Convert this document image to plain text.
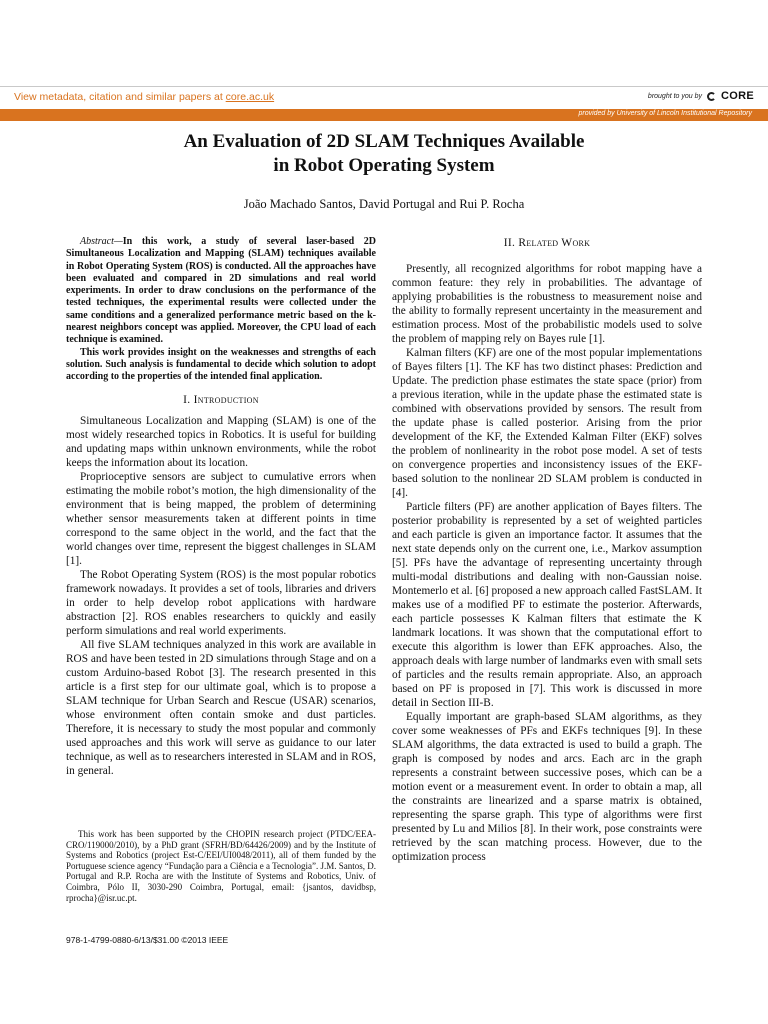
View metadata, citation and similar papers at core.ac.uk	brought to you by CORE
provided by University of Lincoln Institutional Repository
An Evaluation of 2D SLAM Techniques Available
in Robot Operating System
João Machado Santos, David Portugal and Rui P. Rocha

Abstract—In this work, a study of several laser-based 2D Simultaneous Localization and Mapping (SLAM) techniques available in Robot Operating System (ROS) is conducted. All the approaches have been evaluated and compared in 2D simulations and real world experiments. In order to draw conclusions on the performance of the tested techniques, the experimental results were collected under the same conditions and a generalized performance metric based on the k-nearest neighbors concept was applied. Moreover, the CPU load of each technique is examined.

This work provides insight on the weaknesses and strengths of each solution. Such analysis is fundamental to decide which solution to adopt according to the properties of the intended final application.

I. Introduction

Simultaneous Localization and Mapping (SLAM) is one of the most widely researched topics in Robotics. It is useful for building and updating maps within unknown environments, while the robot keeps the information about its location.

Proprioceptive sensors are subject to cumulative errors when estimating the mobile robot’s motion, the high dimensionality of the environment that is being mapped, the problem of determining whether sensor measurements taken at different points in time correspond to the same object in the world, and the fact that the world changes over time, represent the biggest challenges in SLAM [1].

The Robot Operating System (ROS) is the most popular robotics framework nowadays. It provides a set of tools, libraries and drivers in order to help develop robot applications with hardware abstraction [2]. ROS enables researchers to quickly and easily perform simulations and real world experiments.

All five SLAM techniques analyzed in this work are available in ROS and have been tested in 2D simulations through Stage and on a custom Arduino-based Robot [3]. The research presented in this article is a first step for our ultimate goal, which is to propose a SLAM technique for Urban Search and Rescue (USAR) scenarios, whose environment often contain smoke and dust particles. Therefore, it is necessary to study the most popular and commonly used approaches and this work will serve as guidance to our later technique, as well as to researchers interested in SLAM and in ROS, in general.

This work has been supported by the CHOPIN research project (PTDC/EEA-CRO/119000/2010), by a PhD grant (SFRH/BD/64426/2009) and by the Institute of Systems and Robotics (project Est-C/EEI/UI0048/2011), all of them funded by the Portuguese science agency “Fundação para a Ciência e a Tecnologia”. J.M. Santos, D. Portugal and R.P. Rocha are with the Institute of Systems and Robotics, Univ. of Coimbra, Pólo II, 3030-290 Coimbra, Portugal, email: {jsantos, davidbsp, rprocha}@isr.uc.pt.

978-1-4799-0880-6/13/$31.00 ©2013 IEEE
II. Related Work

Presently, all recognized algorithms for robot mapping have a common feature: they rely in probabilities. The advantage of applying probabilities is the robustness to measurement noise and the ability to formally represent uncertainty in the measurement and estimation process. Most of the probabilistic models used to solve the problem of mapping rely on Bayes rule [1].

Kalman filters (KF) are one of the most popular implementations of Bayes filters [1]. The KF has two distinct phases: Prediction and Update. The prediction phase estimates the state space (prior) from a previous iteration, while in the update phase the estimated state is combined with observations provided by sensors. The result from the update phase is called posterior. Arising from the prior development of the KF, the Extended Kalman Filter (EKF) solves the problem of nonlinearity in the robot pose model. A set of tests on convergence properties and inconsistency issues of the EKF-based solution to the nonlinear 2D SLAM problem is conducted in [4].

Particle filters (PF) are another application of Bayes filters. The posterior probability is represented by a set of weighted particles and each particle is given an importance factor. It assumes that the next state depends only on the current one, i.e., Markov assumption [5]. PFs have the advantage of representing uncertainty through multi-modal distributions and dealing with non-Gaussian noise. Montemerlo et al. [6] proposed a new approach called FastSLAM. It makes use of a modified PF to estimate the posterior. Afterwards, each particle possesses K Kalman filters that estimate the K landmark locations. It was shown that the computational effort to execute this algorithm is lower than EFK approaches. Also, the approach deals with large number of landmarks even with small sets of particles and the results remain appropriate. Also, an approach based on PF is proposed in [7]. This work is discussed in more detail in Section III-B.

Equally important are graph-based SLAM algorithms, as they cover some weaknesses of PFs and EKFs techniques [9]. In these SLAM algorithms, the data extracted is used to build a graph. The graph is composed by nodes and arcs. Each arc in the graph represents a constraint between successive poses, which can be a motion event or a measurement event. In order to obtain a map, all the constraints are linearized and a sparse matrix is obtained, representing the sparse graph. This type of algorithms were first presented by Lu and Milios [8]. In their work, pose constraints were retrieved by the scan matching process. However, due to the optimization process
